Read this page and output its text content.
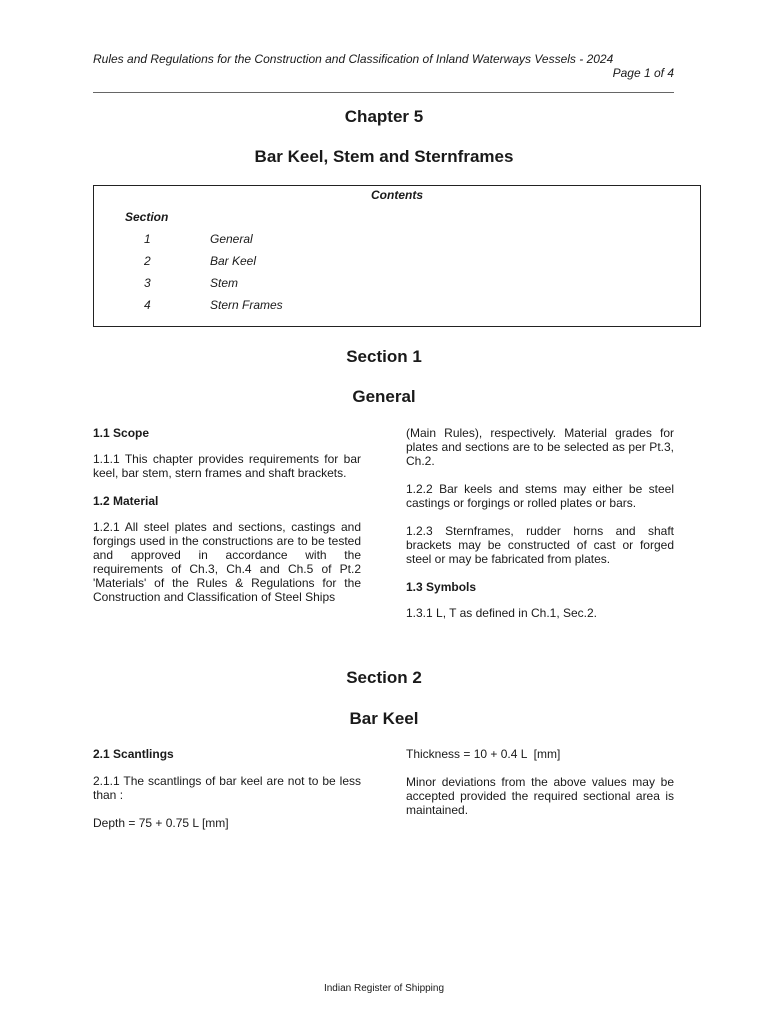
Rules and Regulations for the Construction and Classification of Inland Waterways Vessels - 2024
Page 1 of 4
Chapter 5
Bar Keel, Stem and Sternframes
Contents
Section
1	General
2	Bar Keel
3	Stem
4	Stern Frames
Section 1
General
1.1 Scope

1.1.1 This chapter provides requirements for bar keel, bar stem, stern frames and shaft brackets.

1.2 Material

1.2.1 All steel plates and sections, castings and forgings used in the constructions are to be tested and approved in accordance with the requirements of Ch.3, Ch.4 and Ch.5 of Pt.2 'Materials' of the Rules & Regulations for the Construction and Classification of Steel Ships

(Main Rules), respectively. Material grades for plates and sections are to be selected as per Pt.3, Ch.2.

1.2.2 Bar keels and stems may either be steel castings or forgings or rolled plates or bars.

1.2.3 Sternframes, rudder horns and shaft brackets may be constructed of cast or forged steel or may be fabricated from plates.

1.3 Symbols

1.3.1 L, T as defined in Ch.1, Sec.2.

Section 2
Bar Keel
2.1 Scantlings

2.1.1 The scantlings of bar keel are not to be less than :

Depth = 75 + 0.75 L [mm]

Thickness = 10 + 0.4 L  [mm]

Minor deviations from the above values may be accepted provided the required sectional area is maintained.

Indian Register of Shipping
